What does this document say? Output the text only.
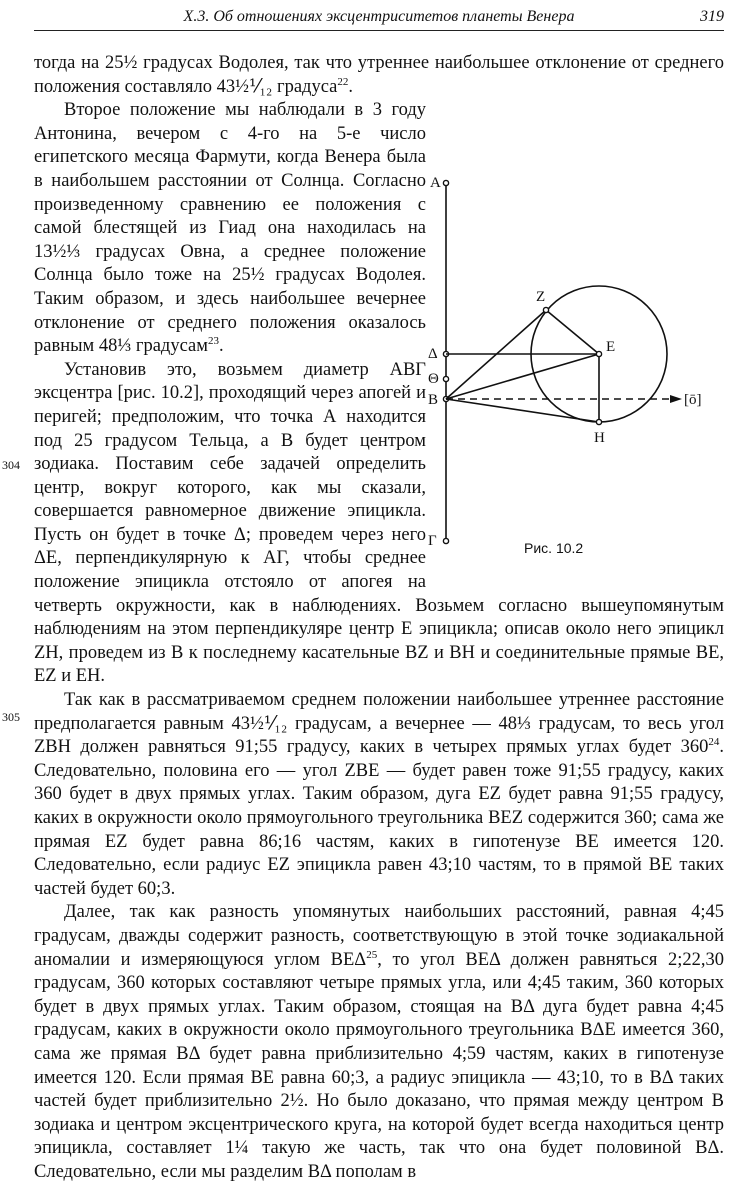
Х.3. Об отношениях эксцентриситетов планеты Венера	319
304
305

тогда на 25½ градусах Водолея, так что утреннее наибольшее отклонение от среднего положения составляло 43½⅟₁₂ градуса$^{22}$.

A
Δ
Θ
B
Γ
Z
E
H
[ō]
Рис. 10.2

Второе положение мы наблюдали в 3 году Антонина, вечером с 4-го на 5-е число египетского месяца Фармути, когда Венера была в наибольшем расстоянии от Солнца. Согласно произведенному сравнению ее положения с самой блестящей из Гиад она находилась на 13½⅓ градусах Овна, а среднее положение Солнца было тоже на 25½ градусах Водолея. Таким образом, и здесь наибольшее вечернее отклонение от среднего положения оказалось равным 48⅓ градусам$^{23}$.

Установив это, возьмем диаметр ΑΒΓ эксцентра [рис. 10.2], проходящий через апогей и перигей; предположим, что точка А находится под 25 градусом Тельца, а В будет центром зодиака. Поставим себе задачей определить центр, вокруг которого, как мы сказали, совершается равномерное движение эпицикла. Пусть он будет в точке Δ; проведем через него ΔΕ, перпендикулярную к ΑΓ, чтобы среднее положение эпицикла отстояло от апогея на четверть окружности, как в наблюдениях. Возьмем согласно вышеупомянутым наблюдениям на этом перпендикуляре центр Е эпицикла; описав около него эпицикл ΖΗ, проведем из В к последнему касательные ΒΖ и ΒΗ и соединительные прямые ΒΕ, ΕΖ и ΕΗ.

Так как в рассматриваемом среднем положении наибольшее утреннее расстояние предполагается равным 43½⅟₁₂ градусам, а вечернее — 48⅓ градусам, то весь угол ΖΒΗ должен равняться 91;55 градусу, каких в четырех прямых углах будет $360^{24}$. Следовательно, половина его — угол ΖΒΕ — будет равен тоже 91;55 градусу, каких 360 будет в двух прямых углах. Таким образом, дуга ΕΖ будет равна 91;55 градусу, каких в окружности около прямоугольного треугольника ΒΕΖ содержится 360; сама же прямая ΕΖ будет равна 86;16 частям, каких в гипотенузе ΒΕ имеется 120. Следовательно, если радиус ΕΖ эпицикла равен 43;10 частям, то в прямой ΒΕ таких частей будет 60;3.

Далее, так как разность упомянутых наибольших расстояний, равная 4;45 градусам, дважды содержит разность, соответствующую в этой точке зодиакальной аномалии и измеряющуюся углом ΒΕΔ$^{25}$, то угол ΒΕΔ должен равняться 2;22,30 градусам, 360 которых составляют четыре прямых угла, или 4;45 таким, 360 которых будет в двух прямых углах. Таким образом, стоящая на ΒΔ дуга будет равна 4;45 градусам, каких в окружности около прямоугольного треугольника ΒΔΕ имеется 360, сама же прямая ΒΔ будет равна приблизительно 4;59 частям, каких в гипотенузе имеется 120. Если прямая ΒΕ равна 60;3, а радиус эпицикла — 43;10, то в ΒΔ таких частей будет приблизительно 2½. Но было доказано, что прямая между центром В зодиака и центром эксцентрического круга, на которой будет всегда находиться центр эпицикла, составляет 1¼ такую же часть, так что она будет половиной ΒΔ. Следовательно, если мы разделим ΒΔ пополам в
